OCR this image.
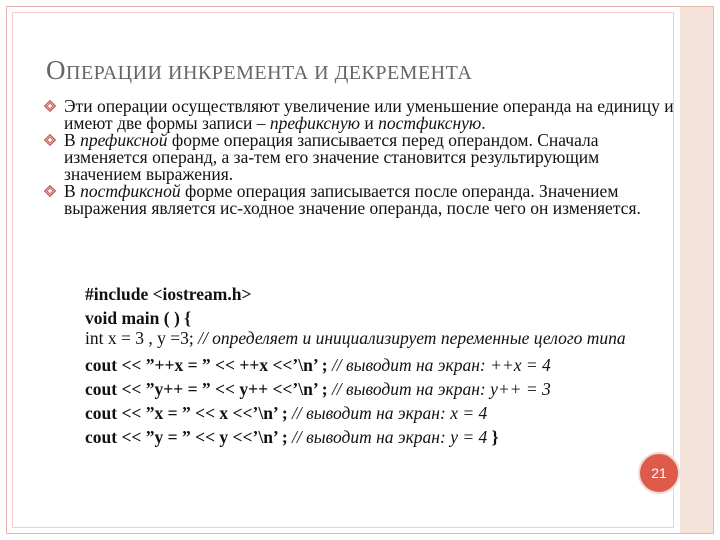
ОПЕРАЦИИ ИНКРЕМЕНТА И ДЕКРЕМЕНТА
Эти операции осуществляют увеличение или уменьшение операнда на единицу и имеют две формы записи – префиксную и постфиксную.
В префиксной форме операция записывается перед операндом. Сначала изменяется операнд, а за-тем его значение становится результирующим значением выражения.
В постфиксной форме операция записывается после операнда. Значением выражения является ис-ходное значение операнда, после чего он изменяется.
#include <iostream.h>
void main ( ) {
int x = 3 , y =3; // определяет и инициализирует переменные целого типа
cout << ”++x = ” << ++x <<’\n’ ; // выводит на экран: ++x = 4
cout << ”y++ = ” << y++ <<’\n’ ; // выводит на экран: y++ = 3
cout << ”x = ” << x <<’\n’ ; // выводит на экран: x = 4
cout << ”y = ” << y <<’\n’ ; // выводит на экран: y = 4 }
21
